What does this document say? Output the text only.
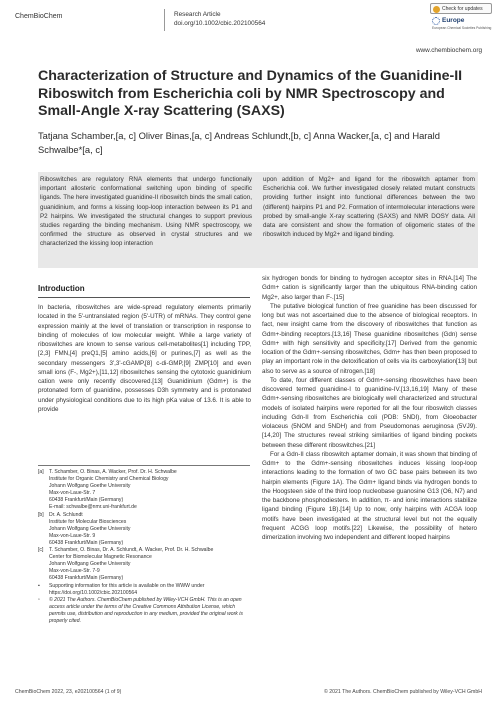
ChemBioChem	Research Article
doi.org/10.1002/cbic.202100564
Check for updates
Europe
European Chemical Societies Publishing
www.chembiochem.org
Characterization of Structure and Dynamics of the Guanidine-II Riboswitch from Escherichia coli by NMR Spectroscopy and Small-Angle X-ray Scattering (SAXS)
Tatjana Schamber,[a, c] Oliver Binas,[a, c] Andreas Schlundt,[b, c] Anna Wacker,[a, c] and Harald Schwalbe*[a, c]
Riboswitches are regulatory RNA elements that undergo functionally important allosteric conformational switching upon binding of specific ligands. The here investigated guanidine-II riboswitch binds the small cation, guanidinium, and forms a kissing loop-loop interaction between its P1 and P2 hairpins. We investigated the structural changes to support previous studies regarding the binding mechanism. Using NMR spectroscopy, we confirmed the structure as observed in crystal structures and we characterized the kissing loop interaction
upon addition of Mg2+ and ligand for the riboswitch aptamer from Escherichia coli. We further investigated closely related mutant constructs providing further insight into functional differences between the two (different) hairpins P1 and P2. Formation of intermolecular interactions were probed by small-angle X-ray scattering (SAXS) and NMR DOSY data. All data are consistent and show the formation of oligomeric states of the riboswitch induced by Mg2+ and ligand binding.
Introduction
In bacteria, riboswitches are wide-spread regulatory elements primarily located in the 5'-untranslated region (5'-UTR) of mRNAs. They control gene expression mainly at the level of translation or transcription in response to binding of molecules of low molecular weight. While a large variety of riboswitches are known to sense various cell-metabolites[1] including TPP,[2,3] FMN,[4] preQ1,[5] amino acids,[6] or purines,[7] as well as the secondary messengers 3',3'-cGAMP,[8] c-di-GMP,[9] ZMP[10] and even small ions (F-, Mg2+),[11,12] riboswitches sensing the cytotoxic guanidinium cation were only recently discovered.[13] Guanidinium (Gdm+) is the protonated form of guanidine, possesses D3h symmetry and is protonated under physiological conditions due to its high pKa value of 13.6. It is able to provide

six hydrogen bonds for binding to hydrogen acceptor sites in RNA.[14] The Gdm+ cation is significantly larger than the ubiquitous RNA-binding cation Mg2+, also larger than F-.[15]

The putative biological function of free guanidine has been discussed for long but was not ascertained due to the absence of biological receptors. In fact, new insight came from the discovery of riboswitches that function as Gdm+-binding receptors.[13,16] These guanidine riboswitches (Gdn) sense Gdm+ with high sensitivity and specificity.[17] Derived from the genomic location of the Gdm+-sensing riboswitches, Gdm+ has then been proposed to play an important role in the detoxification of cells via its carboxylation[13] but also to serve as a source of nitrogen.[18]

To date, four different classes of Gdm+-sensing riboswitches have been discovered termed guanidine-I to guanidine-IV.[13,16,19] Many of these Gdm+-sensing riboswitches are biologically well characterized and structural models of isolated hairpins were reported for all the four riboswitch classes including Gdn-II from Escherichia coli (PDB: 5NDI), from Gloeobacter violaceus (5NOM and 5NDH) and from Pseudomonas aeruginosa (5VJ9).[14,20] The structures reveal striking similarities of ligand binding pockets between these different riboswitches.[21]

For a Gdn-II class riboswitch aptamer domain, it was shown that binding of Gdm+ to the Gdm+-sensing riboswitches induces kissing loop-loop interactions leading to the formation of two GC base pairs between its two hairpin elements (Figure 1A). The Gdm+ ligand binds via hydrogen bonds to the Hoogsteen side of the third loop nucleobase guanosine G13 (O6, N7) and the backbone phosphodiesters. In addition, π- and ionic interactions stabilize ligand binding (Figure 1B).[14] Up to now, only hairpins with ACGA loop motifs have been investigated at the structural level but not the equally frequent ACGG loop motifs.[22] Likewise, the possibility of hetero dimerization involving two independent and different looped hairpins

[a]	T. Schamber, O. Binas, A. Wacker, Prof. Dr. H. Schwalbe
Institute for Organic Chemistry and Chemical Biology
Johann Wolfgang Goethe University
Max-von-Laue-Str. 7
60438 Frankfurt/Main (Germany)
E-mail: schwalbe@nmr.uni-frankfurt.de
[b]	Dr. A. Schlundt
Institute for Molecular Biosciences
Johann Wolfgang Goethe University
Max-von-Laue-Str. 9
60438 Frankfurt/Main (Germany)
[c]	T. Schamber, O. Binas, Dr. A. Schlundt, A. Wacker, Prof. Dr. H. Schwalbe
Center for Biomolecular Magnetic Resonance
Johann Wolfgang Goethe University
Max-von-Laue-Str. 7-9
60438 Frankfurt/Main (Germany)
▪	Supporting information for this article is available on the WWW under https://doi.org/10.1002/cbic.202100564
▫	© 2021 The Authors. ChemBioChem published by Wiley-VCH GmbH. This is an open access article under the terms of the Creative Commons Attribution License, which permits use, distribution and reproduction in any medium, provided the original work is properly cited.
ChemBioChem 2022, 23, e202100564 (1 of 9)	© 2021 The Authors. ChemBioChem published by Wiley-VCH GmbH
